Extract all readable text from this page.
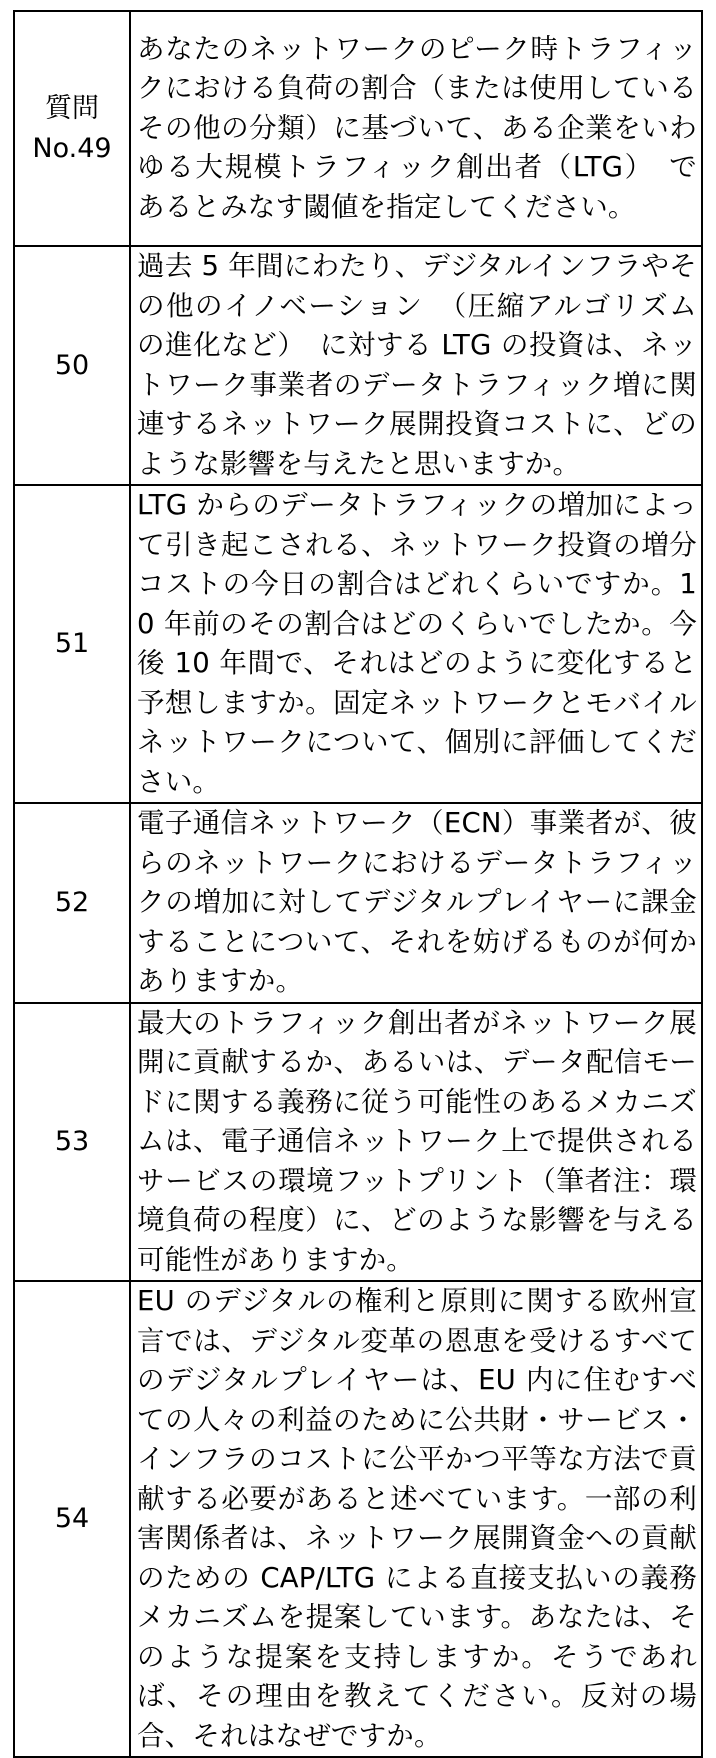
質問
No.49	あなたのネットワークのピーク時トラフィックにおける負荷の割合（または使用しているその他の分類）に基づいて、ある企業をいわゆる大規模トラフィック創出者（LTG）　であるとみなす閾値を指定してください。
50	過去 5 年間にわたり、デジタルインフラやその他のイノベーション　（圧縮アルゴリズムの進化など）　に対する LTG の投資は、ネットワーク事業者のデータトラフィック増に関連するネットワーク展開投資コストに、どのような影響を与えたと思いますか。
51	LTG からのデータトラフィックの増加によって引き起こされる、ネットワーク投資の増分コストの今日の割合はどれくらいですか。10 年前のその割合はどのくらいでしたか。今後 10 年間で、それはどのように変化すると予想しますか。固定ネットワークとモバイルネットワークについて、個別に評価してください。
52	電子通信ネットワーク（ECN）事業者が、彼らのネットワークにおけるデータトラフィックの増加に対してデジタルプレイヤーに課金することについて、それを妨げるものが何かありますか。
53	最大のトラフィック創出者がネットワーク展開に貢献するか、あるいは、データ配信モードに関する義務に従う可能性のあるメカニズムは、電子通信ネットワーク上で提供されるサービスの環境フットプリント（筆者注：環境負荷の程度）に、どのような影響を与える可能性がありますか。
54	EU のデジタルの権利と原則に関する欧州宣言では、デジタル変革の恩恵を受けるすべてのデジタルプレイヤーは、EU 内に住むすべての人々の利益のために公共財・サービス・インフラのコストに公平かつ平等な方法で貢献する必要があると述べています。一部の利害関係者は、ネットワーク展開資金への貢献のための CAP/LTG による直接支払いの義務メカニズムを提案しています。あなたは、そのような提案を支持しますか。そうであれば、その理由を教えてください。反対の場合、それはなぜですか。
